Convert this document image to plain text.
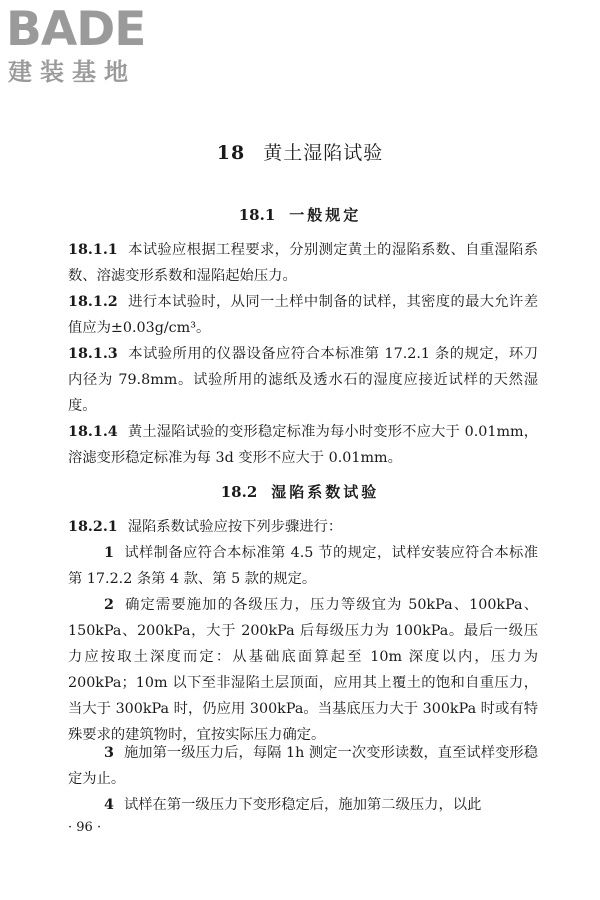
BADE
建装基地
18 黄土湿陷试验
18.1 一般规定
18.1.1 本试验应根据工程要求，分别测定黄土的湿陷系数、自重湿陷系数、溶滤变形系数和湿陷起始压力。
18.1.2 进行本试验时，从同一土样中制备的试样，其密度的最大允许差值应为±0.03g/cm³。
18.1.3 本试验所用的仪器设备应符合本标准第 17.2.1 条的规定，环刀内径为 79.8mm。试验所用的滤纸及透水石的湿度应接近试样的天然湿度。
18.1.4 黄土湿陷试验的变形稳定标准为每小时变形不应大于 0.01mm，溶滤变形稳定标准为每 3d 变形不应大于 0.01mm。
18.2 湿陷系数试验
18.2.1 湿陷系数试验应按下列步骤进行：
1 试样制备应符合本标准第 4.5 节的规定，试样安装应符合本标准第 17.2.2 条第 4 款、第 5 款的规定。
2 确定需要施加的各级压力，压力等级宜为 50kPa、100kPa、150kPa、200kPa，大于 200kPa 后每级压力为 100kPa。最后一级压力应按取土深度而定：从基础底面算起至 10m 深度以内，压力为 200kPa；10m 以下至非湿陷土层顶面，应用其上覆土的饱和自重压力，当大于 300kPa 时，仍应用 300kPa。当基底压力大于 300kPa 时或有特殊要求的建筑物时，宜按实际压力确定。
3 施加第一级压力后，每隔 1h 测定一次变形读数，直至试样变形稳定为止。
4 试样在第一级压力下变形稳定后，施加第二级压力，以此
· 96 ·
